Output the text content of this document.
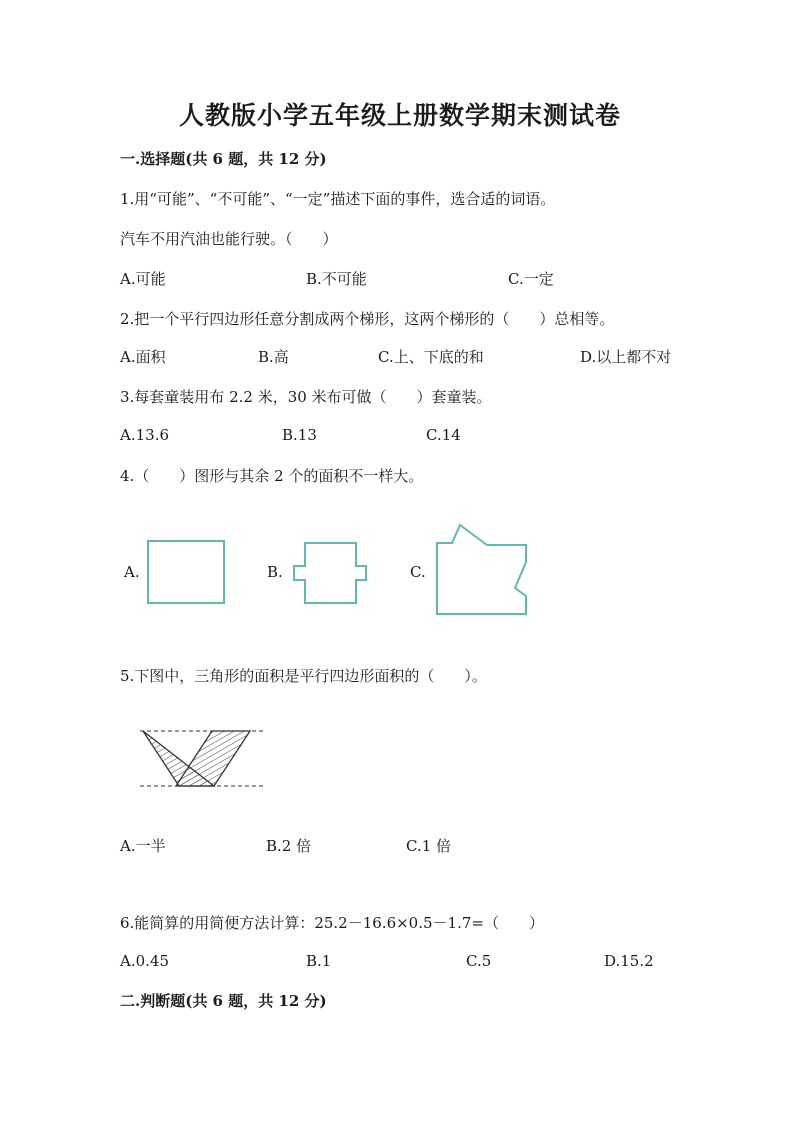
人教版小学五年级上册数学期末测试卷
一.选择题(共 6 题，共 12 分)
1.用“可能”、“不可能”、“一定”描述下面的事件，选合适的词语。
汽车不用汽油也能行驶。（　　）
A.可能	B.不可能	C.一定
2.把一个平行四边形任意分割成两个梯形，这两个梯形的（　　）总相等。
A.面积	B.高	C.上、下底的和	D.以上都不对
3.每套童装用布 2.2 米，30 米布可做（　　）套童装。
A.13.6	B.13	C.14
4.（　　）图形与其余 2 个的面积不一样大。
A.	B.	C.
5.下图中，三角形的面积是平行四边形面积的（　　）。
A.一半	B.2 倍	C.1 倍
6.能简算的用简便方法计算：25.2－16.6×0.5－1.7=（　　）
A.0.45	B.1	C.5	D.15.2
二.判断题(共 6 题，共 12 分)
